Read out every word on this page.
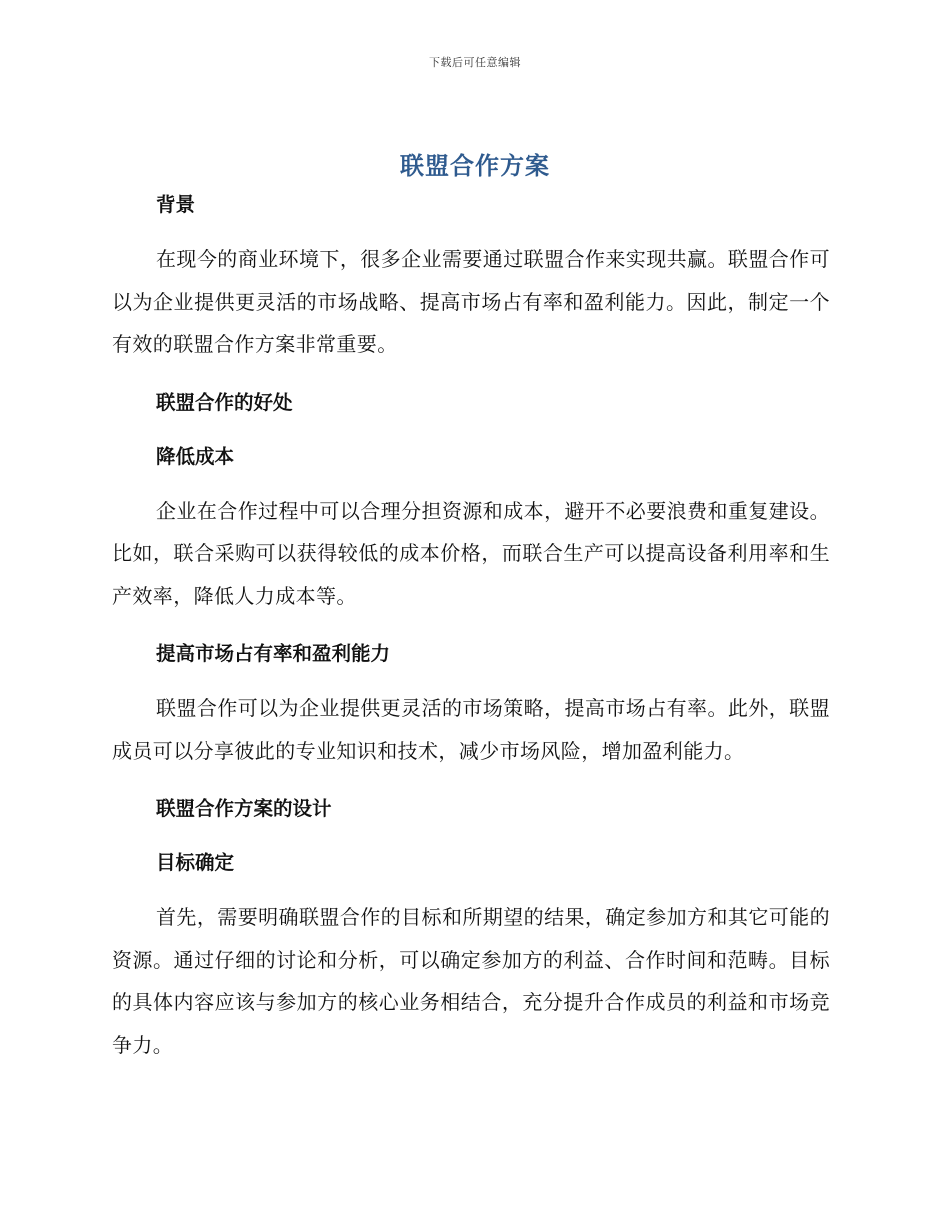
下载后可任意编辑
联盟合作方案
背景

在现今的商业环境下，很多企业需要通过联盟合作来实现共赢。联盟合作可以为企业提供更灵活的市场战略、提高市场占有率和盈利能力。因此，制定一个有效的联盟合作方案非常重要。

联盟合作的好处
降低成本

企业在合作过程中可以合理分担资源和成本，避开不必要浪费和重复建设。比如，联合采购可以获得较低的成本价格，而联合生产可以提高设备利用率和生产效率，降低人力成本等。

提高市场占有率和盈利能力

联盟合作可以为企业提供更灵活的市场策略，提高市场占有率。此外，联盟成员可以分享彼此的专业知识和技术，减少市场风险，增加盈利能力。

联盟合作方案的设计
目标确定

首先，需要明确联盟合作的目标和所期望的结果，确定参加方和其它可能的资源。通过仔细的讨论和分析，可以确定参加方的利益、合作时间和范畴。目标的具体内容应该与参加方的核心业务相结合，充分提升合作成员的利益和市场竞争力。
